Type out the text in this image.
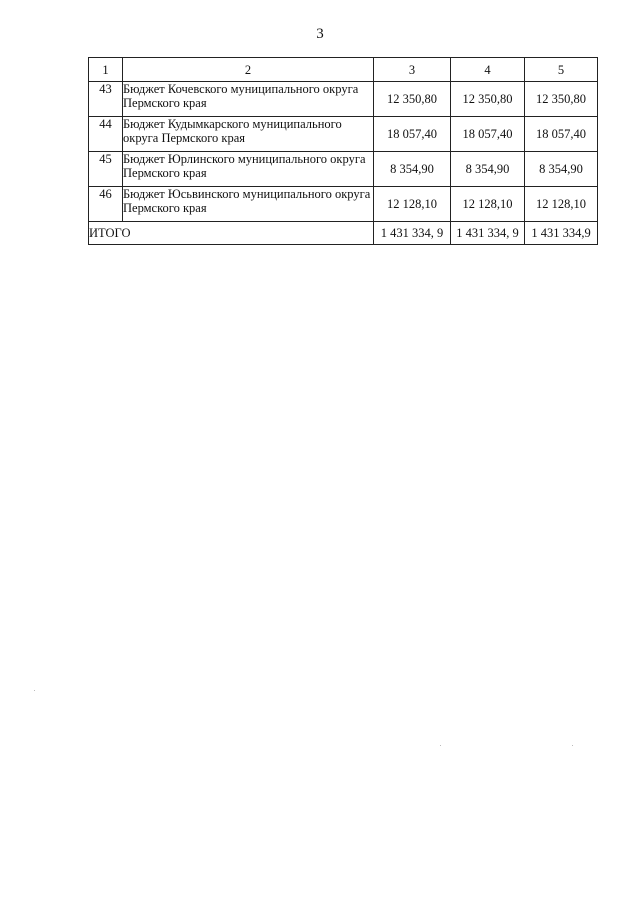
3
1	2	3	4	5
43	Бюджет Кочевского муниципального округа Пермского края	12 350,80	12 350,80	12 350,80
44	Бюджет Кудымкарского муниципального округа Пермского края	18 057,40	18 057,40	18 057,40
45	Бюджет Юрлинского муниципального округа Пермского края	8 354,90	8 354,90	8 354,90
46	Бюджет Юсьвинского муниципального округа Пермского края	12 128,10	12 128,10	12 128,10
ИТОГО		1 431 334, 9	1 431 334, 9	1 431 334,9
